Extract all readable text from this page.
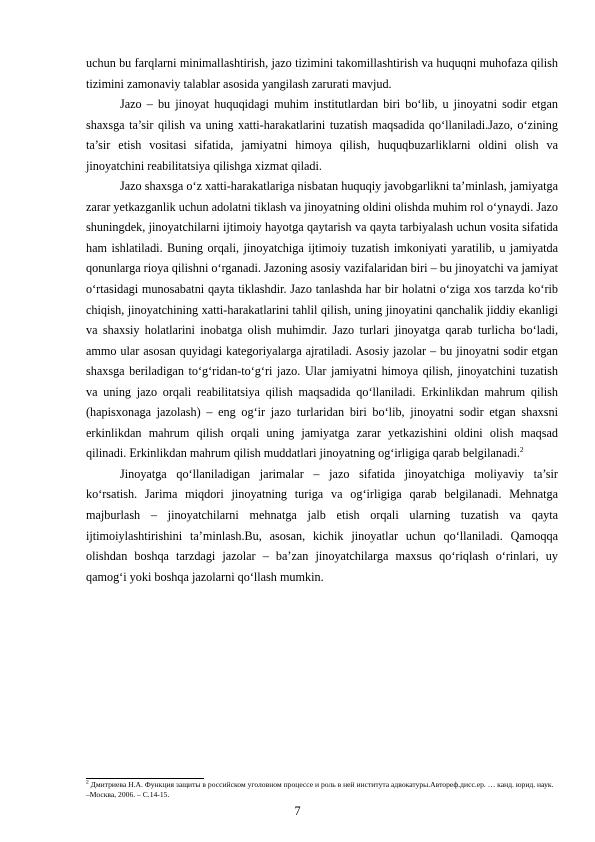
uchun bu farqlarni minimallashtirish, jazo tizimini takomillashtirish va huquqni muhofaza qilish tizimini zamonaviy talablar asosida yangilash zarurati mavjud.

Jazo – bu jinoyat huquqidagi muhim institutlardan biri bo‘lib, u jinoyatni sodir etgan shaxsga ta’sir qilish va uning xatti-harakatlarini tuzatish maqsadida qo‘llaniladi.Jazo, o‘zining ta’sir etish vositasi sifatida, jamiyatni himoya qilish, huquqbuzarliklarni oldini olish va jinoyatchini reabilitatsiya qilishga xizmat qiladi.

Jazo shaxsga o‘z xatti-harakatlariga nisbatan huquqiy javobgarlikni ta’minlash, jamiyatga zarar yetkazganlik uchun adolatni tiklash va jinoyatning oldini olishda muhim rol o‘ynaydi. Jazo shuningdek, jinoyatchilarni ijtimoiy hayotga qaytarish va qayta tarbiyalash uchun vosita sifatida ham ishlatiladi. Buning orqali, jinoyatchiga ijtimoiy tuzatish imkoniyati yaratilib, u jamiyatda qonunlarga rioya qilishni o‘rganadi. Jazoning asosiy vazifalaridan biri – bu jinoyatchi va jamiyat o‘rtasidagi munosabatni qayta tiklashdir. Jazo tanlashda har bir holatni o‘ziga xos tarzda ko‘rib chiqish, jinoyatchining xatti-harakatlarini tahlil qilish, uning jinoyatini qanchalik jiddiy ekanligi va shaxsiy holatlarini inobatga olish muhimdir. Jazo turlari jinoyatga qarab turlicha bo‘ladi, ammo ular asosan quyidagi kategoriyalarga ajratiladi. Asosiy jazolar – bu jinoyatni sodir etgan shaxsga beriladigan to‘g‘ridan-to‘g‘ri jazo. Ular jamiyatni himoya qilish, jinoyatchini tuzatish va uning jazo orqali reabilitatsiya qilish maqsadida qo‘llaniladi. Erkinlikdan mahrum qilish (hapisxonaga jazolash) – eng og‘ir jazo turlaridan biri bo‘lib, jinoyatni sodir etgan shaxsni erkinlikdan mahrum qilish orqali uning jamiyatga zarar yetkazishini oldini olish maqsad qilinadi. Erkinlikdan mahrum qilish muddatlari jinoyatning og‘irligiga qarab belgilanadi.$^2$

Jinoyatga qo‘llaniladigan jarimalar – jazo sifatida jinoyatchiga moliyaviy ta’sir ko‘rsatish. Jarima miqdori jinoyatning turiga va og‘irligiga qarab belgilanadi. Mehnatga majburlash – jinoyatchilarni mehnatga jalb etish orqali ularning tuzatish va qayta ijtimoiylashtirishini ta’minlash.Bu, asosan, kichik jinoyatlar uchun qo‘llaniladi. Qamoqqa olishdan boshqa tarzdagi jazolar – ba’zan jinoyatchilarga maxsus qo‘riqlash o‘rinlari, uy qamog‘i yoki boshqa jazolarni qo‘llash mumkin.

$^2$ Дмитриева Н.А. Функция защиты в российском уголовном процессе и роль в ней института адвокатуры.Автореф.дисс.ер. … канд. юрид. наук. –Москва, 2006. – С.14-15.
7
